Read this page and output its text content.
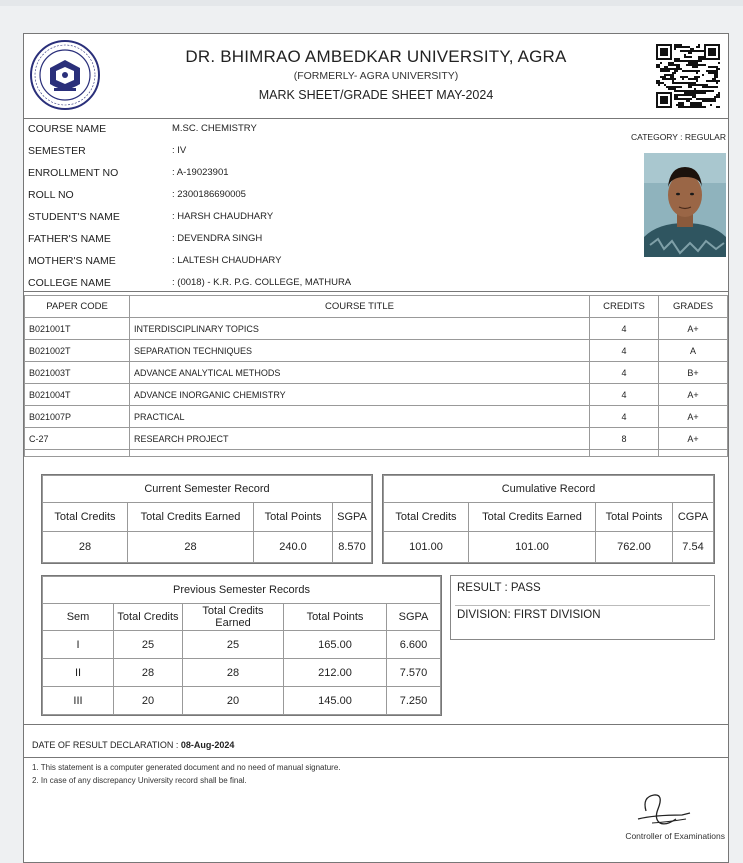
DR. BHIMRAO AMBEDKAR UNIVERSITY, AGRA
(FORMERLY- AGRA UNIVERSITY)
MARK SHEET/GRADE SHEET MAY-2024
CATEGORY : REGULAR
COURSE NAME	M.SC. CHEMISTRY
SEMESTER	: IV
ENROLLMENT NO	: A-19023901
ROLL NO	: 2300186690005
STUDENT'S NAME	: HARSH CHAUDHARY
FATHER'S NAME	: DEVENDRA SINGH
MOTHER'S NAME	: LALTESH CHAUDHARY
COLLEGE NAME	: (0018) - K.R. P.G. COLLEGE, MATHURA
PAPER CODE	COURSE TITLE	CREDITS	GRADES
B021001T	INTERDISCIPLINARY TOPICS	4	A+
B021002T	SEPARATION TECHNIQUES	4	A
B021003T	ADVANCE ANALYTICAL METHODS	4	B+
B021004T	ADVANCE INORGANIC CHEMISTRY	4	A+
B021007P	PRACTICAL	4	A+
C-27	RESEARCH PROJECT	8	A+

Current Semester Record			
Total Credits	Total Credits Earned	Total Points	SGPA
28	28	240.0	8.570
Cumulative Record			
Total Credits	Total Credits Earned	Total Points	CGPA
101.00	101.00	762.00	7.54
Previous Semester Records				
Sem	Total Credits	Total Credits Earned	Total Points	SGPA
I	25	25	165.00	6.600
II	28	28	212.00	7.570
III	20	20	145.00	7.250
RESULT : PASS
DIVISION: FIRST DIVISION
DATE OF RESULT DECLARATION : 08-Aug-2024
1. This statement is a computer generated document and no need of manual signature.
2. In case of any discrepancy University record shall be final.
Controller of Examinations
